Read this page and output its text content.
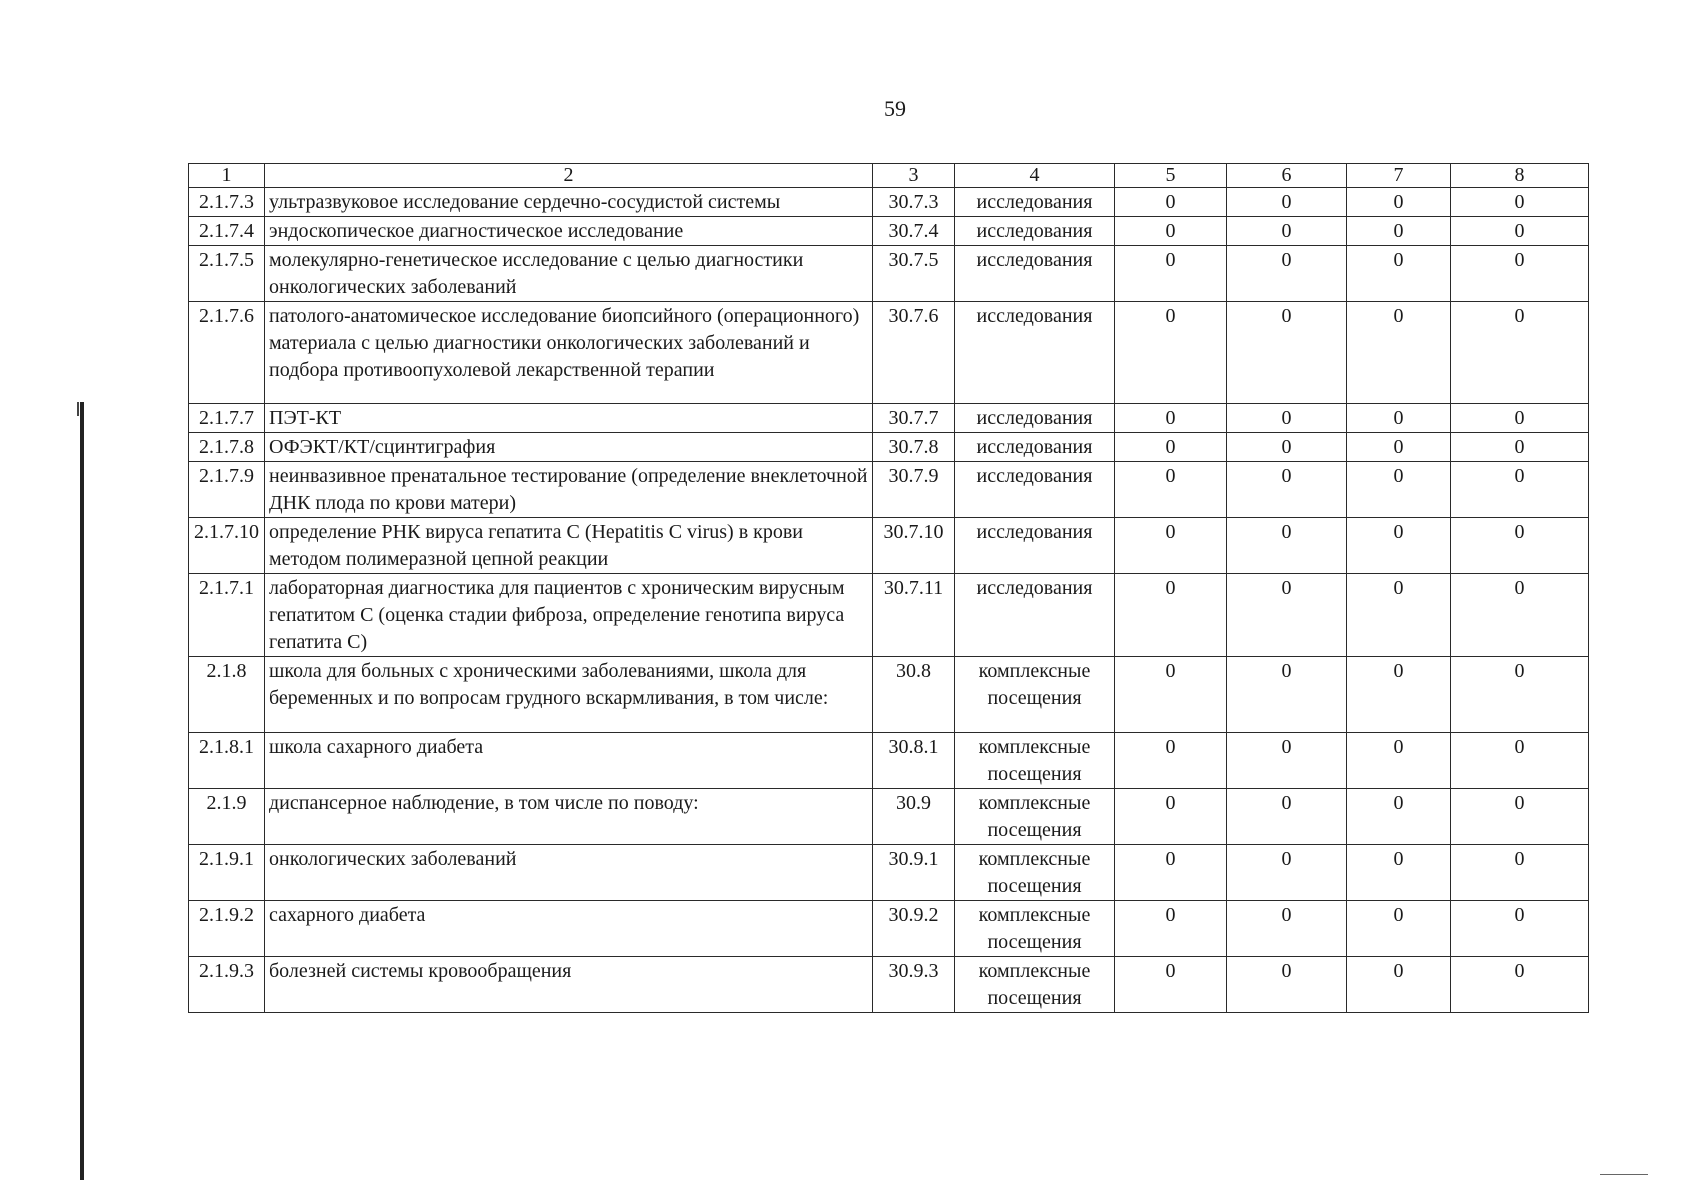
59
1	2	3	4	5	6	7	8
2.1.7.3	ультразвуковое исследование сердечно-сосудистой системы	30.7.3	исследования	0	0	0	0
2.1.7.4	эндоскопическое диагностическое исследование	30.7.4	исследования	0	0	0	0
2.1.7.5	молекулярно-генетическое исследование с целью диагностики онкологических заболеваний	30.7.5	исследования	0	0	0	0
2.1.7.6	патолого-анатомическое исследование биопсийного (операционного) материала с целью диагностики онкологических заболеваний и подбора противоопухолевой лекарственной терапии	30.7.6	исследования	0	0	0	0
2.1.7.7	ПЭТ-КТ	30.7.7	исследования	0	0	0	0
2.1.7.8	ОФЭКТ/КТ/сцинтиграфия	30.7.8	исследования	0	0	0	0
2.1.7.9	неинвазивное пренатальное тестирование (определение внеклеточной ДНК плода по крови матери)	30.7.9	исследования	0	0	0	0
2.1.7.10	определение РНК вируса гепатита С (Hepatitis С virus) в крови методом полимеразной цепной реакции	30.7.10	исследования	0	0	0	0
2.1.7.1	лабораторная диагностика для пациентов с хроническим вирусным гепатитом С (оценка стадии фиброза, определение генотипа вируса гепатита С)	30.7.11	исследования	0	0	0	0
2.1.8	школа для больных с хроническими заболеваниями, школа для беременных и по вопросам грудного вскармливания, в том числе:	30.8	комплексные посещения	0	0	0	0
2.1.8.1	школа сахарного диабета	30.8.1	комплексные посещения	0	0	0	0
2.1.9	диспансерное наблюдение, в том числе по поводу:	30.9	комплексные посещения	0	0	0	0
2.1.9.1	онкологических заболеваний	30.9.1	комплексные посещения	0	0	0	0
2.1.9.2	сахарного диабета	30.9.2	комплексные посещения	0	0	0	0
2.1.9.3	болезней системы кровообращения	30.9.3	комплексные посещения	0	0	0	0
